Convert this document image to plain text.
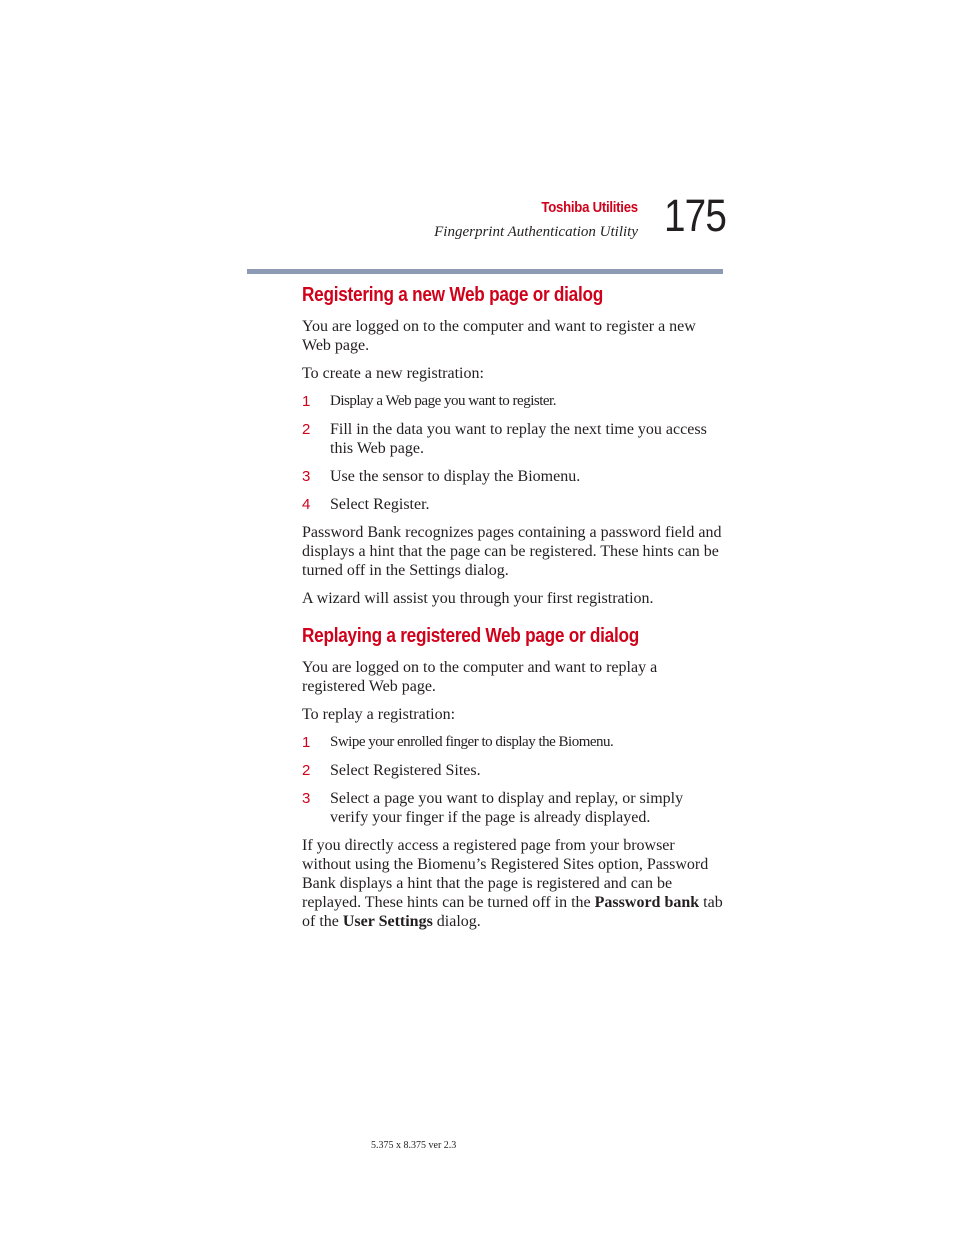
Toshiba Utilities
Fingerprint Authentication Utility 175
Registering a new Web page or dialog

You are logged on to the computer and want to register a new Web page.

To create a new registration:

1	Display a Web page you want to register.
2	Fill in the data you want to replay the next time you access this Web page.
3	Use the sensor to display the Biomenu.
4	Select Register.

Password Bank recognizes pages containing a password field and displays a hint that the page can be registered. These hints can be turned off in the Settings dialog.

A wizard will assist you through your first registration.

Replaying a registered Web page or dialog

You are logged on to the computer and want to replay a registered Web page.

To replay a registration:

1	Swipe your enrolled finger to display the Biomenu.
2	Select Registered Sites.
3	Select a page you want to display and replay, or simply verify your finger if the page is already displayed.

If you directly access a registered page from your browser without using the Biomenu’s Registered Sites option, Password Bank displays a hint that the page is registered and can be replayed. These hints can be turned off in the Password bank tab of the User Settings dialog.

5.375 x 8.375 ver 2.3
